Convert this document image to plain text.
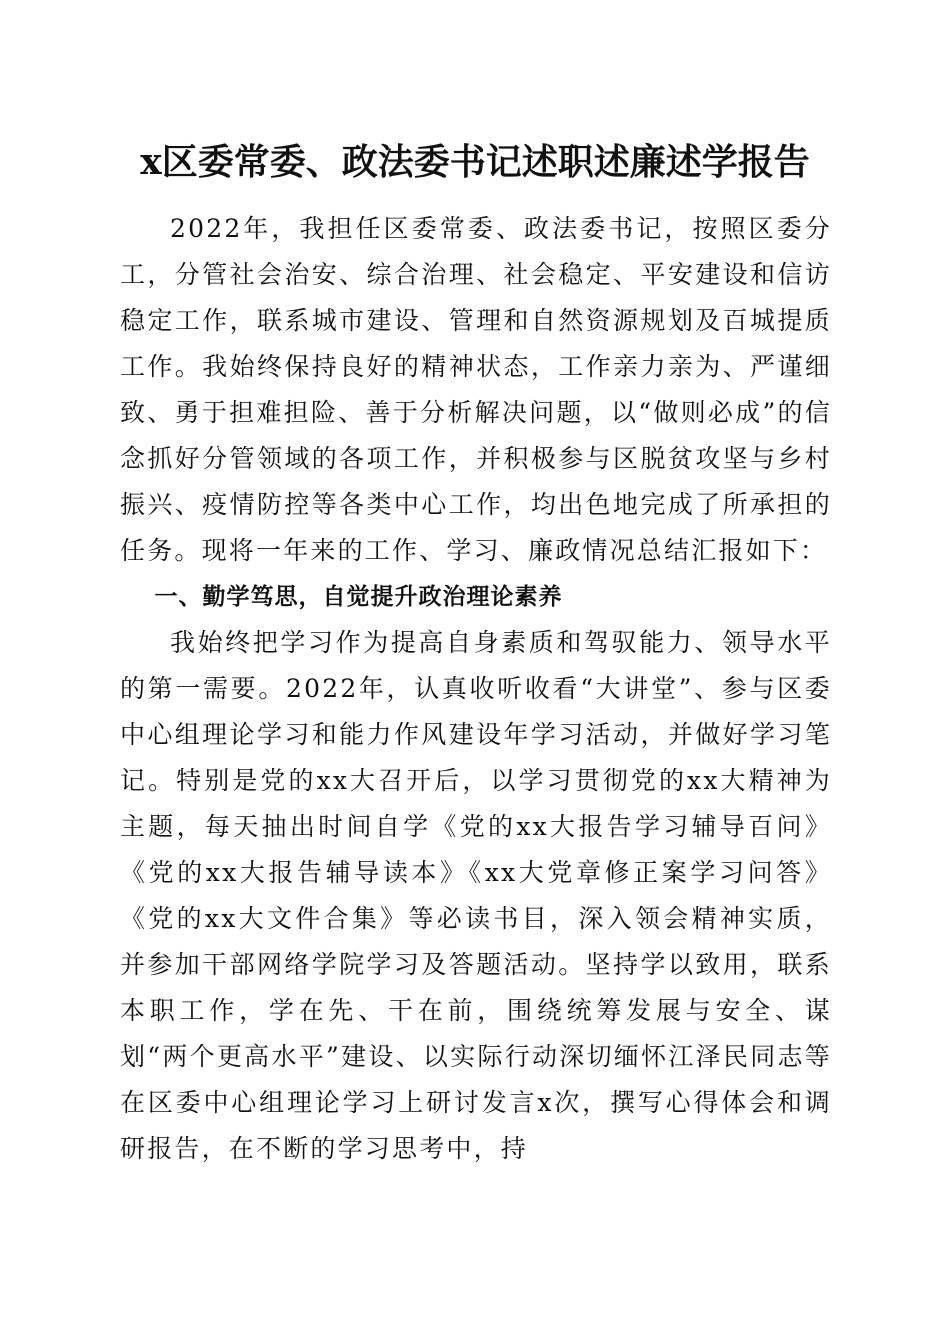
x区委常委、政法委书记述职述廉述学报告

2022年，我担任区委常委、政法委书记，按照区委分工，分管社会治安、综合治理、社会稳定、平安建设和信访稳定工作，联系城市建设、管理和自然资源规划及百城提质工作。我始终保持良好的精神状态，工作亲力亲为、严谨细致、勇于担难担险、善于分析解决问题，以“做则必成”的信念抓好分管领域的各项工作，并积极参与区脱贫攻坚与乡村振兴、疫情防控等各类中心工作，均出色地完成了所承担的任务。现将一年来的工作、学习、廉政情况总结汇报如下：

一、勤学笃思，自觉提升政治理论素养

我始终把学习作为提高自身素质和驾驭能力、领导水平的第一需要。2022年，认真收听收看“大讲堂”、参与区委中心组理论学习和能力作风建设年学习活动，并做好学习笔记。特别是党的xx大召开后，以学习贯彻党的xx大精神为主题，每天抽出时间自学《党的xx大报告学习辅导百问》《党的xx大报告辅导读本》《xx大党章修正案学习问答》《党的xx大文件合集》等必读书目，深入领会精神实质，并参加干部网络学院学习及答题活动。坚持学以致用，联系本职工作，学在先、干在前，围绕统筹发展与安全、谋划“两个更高水平”建设、以实际行动深切缅怀江泽民同志等在区委中心组理论学习上研讨发言x次，撰写心得体会和调研报告，在不断的学习思考中，持
